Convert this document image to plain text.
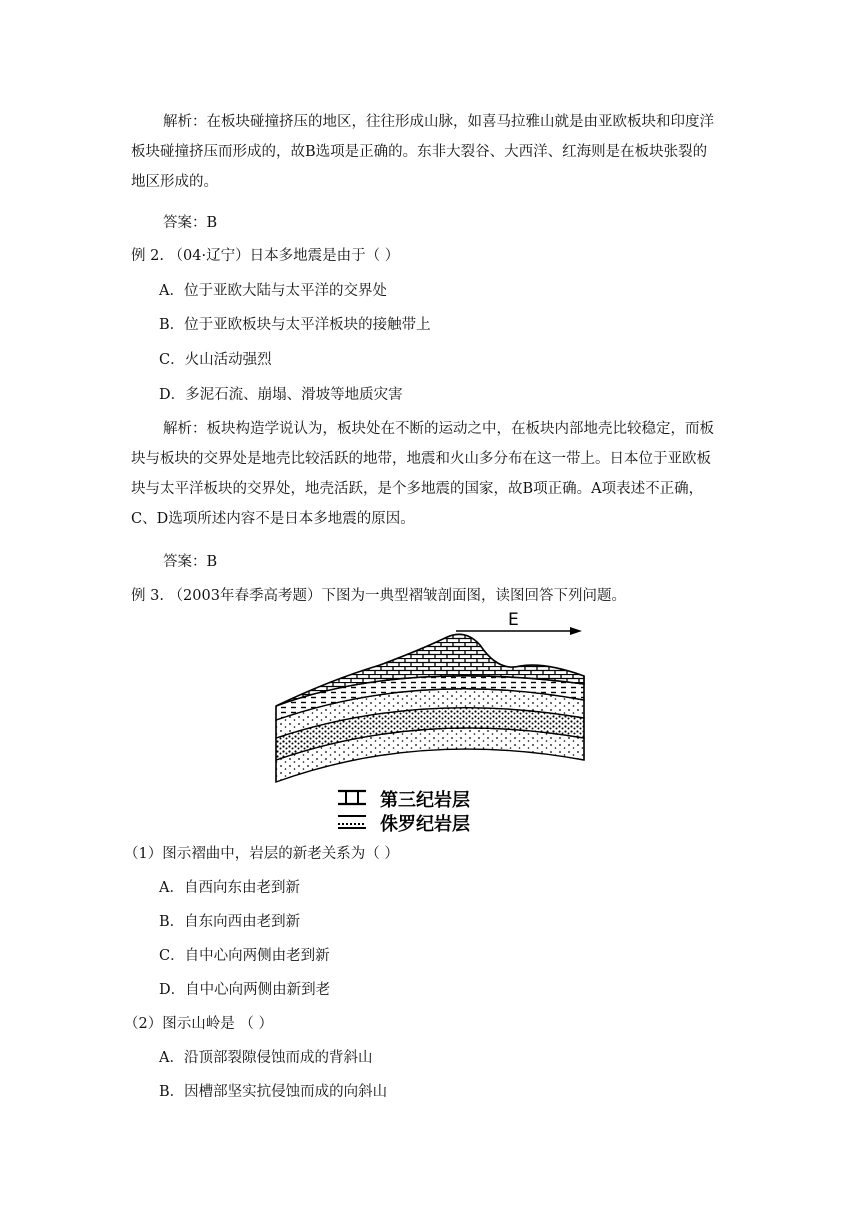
解析：在板块碰撞挤压的地区，往往形成山脉，如喜马拉雅山就是由亚欧板块和印度洋
板块碰撞挤压而形成的，故B选项是正确的。东非大裂谷、大西洋、红海则是在板块张裂的
地区形成的。
答案：B
例 2. （04·辽宁）日本多地震是由于（ ）
A．位于亚欧大陆与太平洋的交界处
B．位于亚欧板块与太平洋板块的接触带上
C．火山活动强烈
D．多泥石流、崩塌、滑坡等地质灾害
解析：板块构造学说认为，板块处在不断的运动之中，在板块内部地壳比较稳定，而板
块与板块的交界处是地壳比较活跃的地带，地震和火山多分布在这一带上。日本位于亚欧板
块与太平洋板块的交界处，地壳活跃，是个多地震的国家，故B项正确。A项表述不正确，
C、D选项所述内容不是日本多地震的原因。
答案：B
例 3. （2003年春季高考题）下图为一典型褶皱剖面图，读图回答下列问题。
E
第三纪岩层
侏罗纪岩层
（1）图示褶曲中，岩层的新老关系为（ ）
A．自西向东由老到新
B．自东向西由老到新
C．自中心向两侧由老到新
D．自中心向两侧由新到老
（2）图示山岭是 （ ）
A．沿顶部裂隙侵蚀而成的背斜山
B．因槽部坚实抗侵蚀而成的向斜山
